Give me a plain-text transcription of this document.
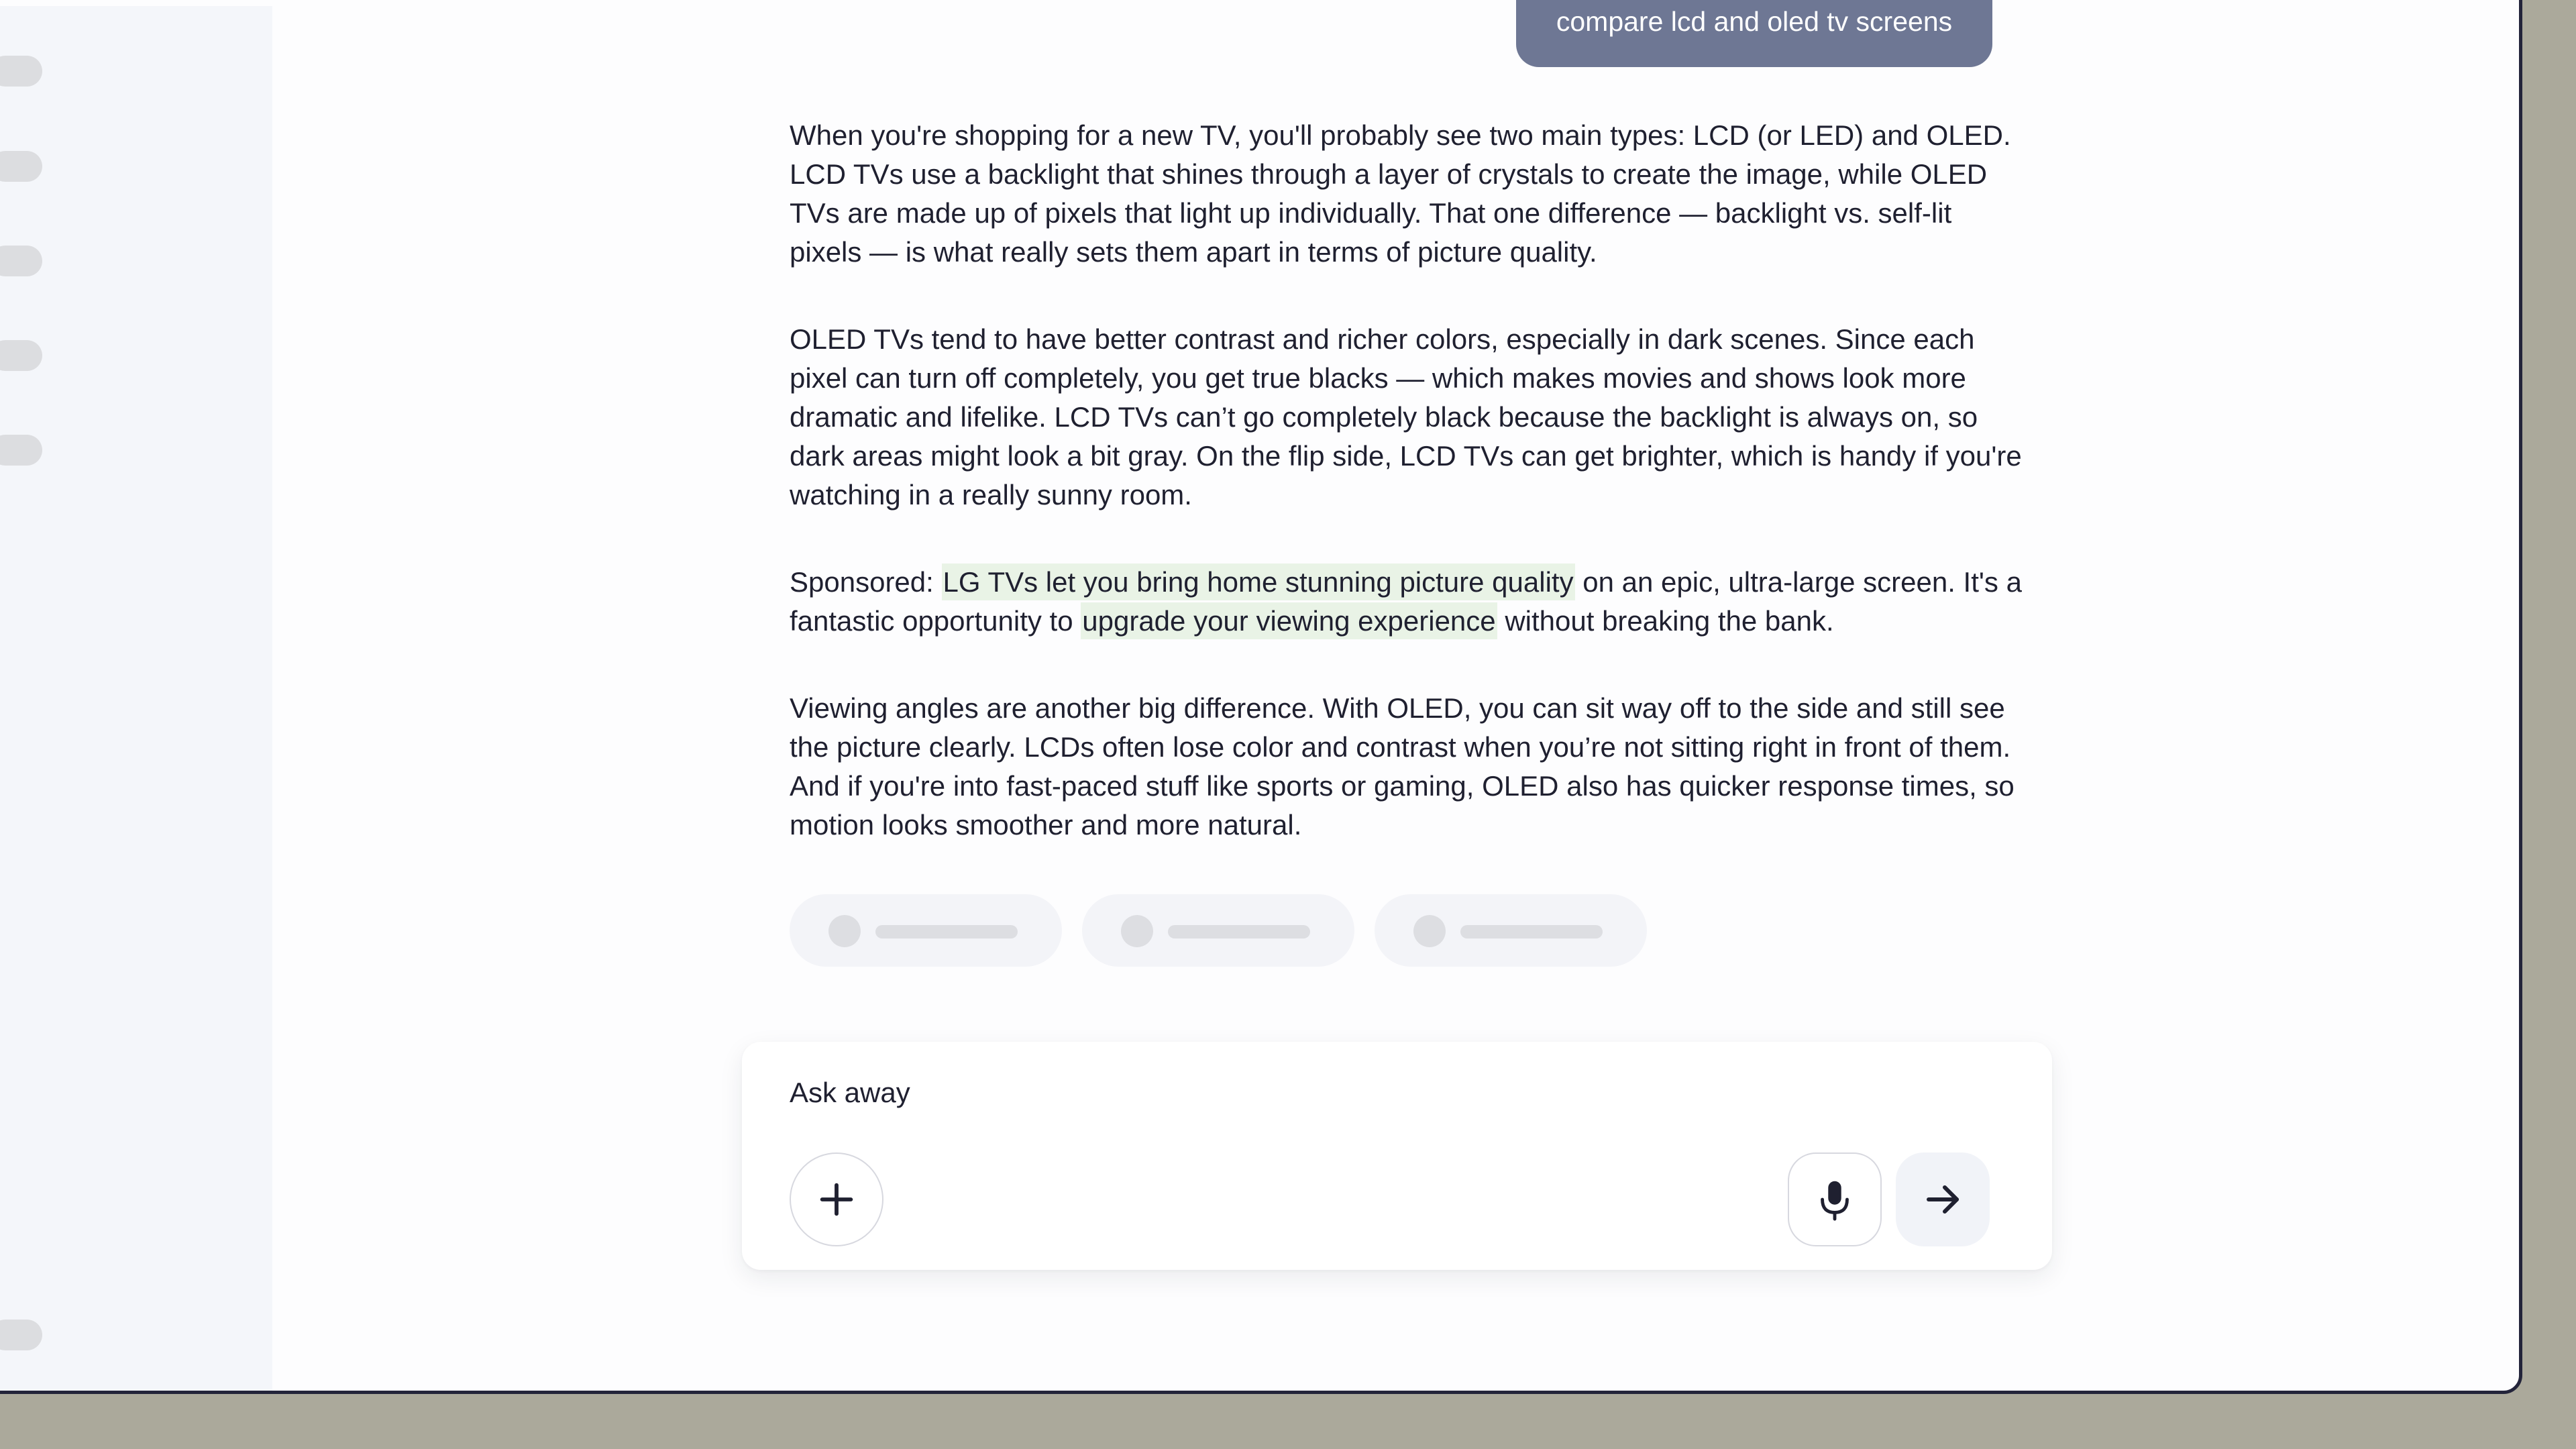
compare lcd and oled tv screens

When you're shopping for a new TV, you'll probably see two main types: LCD (or LED) and OLED. LCD TVs use a backlight that shines through a layer of crystals to create the image, while OLED TVs are made up of pixels that light up individually. That one difference — backlight vs. self-lit pixels — is what really sets them apart in terms of picture quality.

OLED TVs tend to have better contrast and richer colors, especially in dark scenes. Since each pixel can turn off completely, you get true blacks — which makes movies and shows look more dramatic and lifelike. LCD TVs can’t go completely black because the backlight is always on, so dark areas might look a bit gray. On the flip side, LCD TVs can get brighter, which is handy if you're watching in a really sunny room.

Sponsored: LG TVs let you bring home stunning picture quality on an epic, ultra-large screen. It's a fantastic opportunity to upgrade your viewing experience without breaking the bank.

Viewing angles are another big difference. With OLED, you can sit way off to the side and still see the picture clearly. LCDs often lose color and contrast when you’re not sitting right in front of them. And if you're into fast-paced stuff like sports or gaming, OLED also has quicker response times, so motion looks smoother and more natural.

Ask away
